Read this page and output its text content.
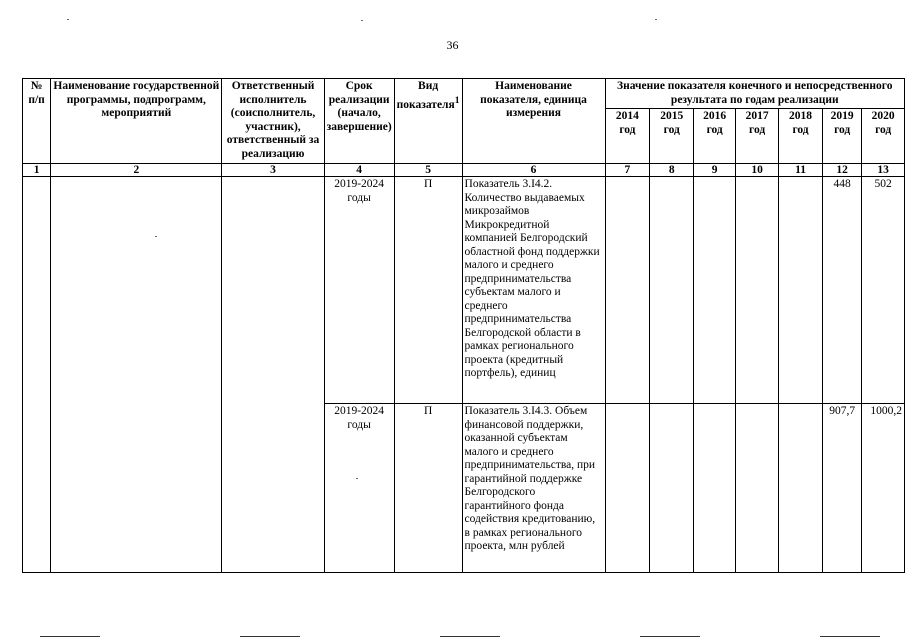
36
№ п/п	Наименование государственной программы, подпрограмм, мероприятий	Ответственный исполнитель (соисполнитель, участник), ответственный за реализацию	Срок реализации (начало, завершение)	Вид показателя$^1$	Наименование показателя, единица измерения	Значение показателя конечного и непосредственного результата по годам реализации						
						2014 год	2015 год	2016 год	2017 год	2018 год	2019 год	2020 год
1	2	3	4	5	6	7	8	9	10	11	12	13
			2019-2024 годы	П	Показатель 3.I4.2. Количество выдаваемых микрозаймов Микрокредитной компанией Белгородский областной фонд поддержки малого и среднего предпринимательства субъектам малого и среднего предпринимательства Белгородской области в рамках регионального проекта (кредитный портфель), единиц						448	502
			2019-2024 годы	П	Показатель 3.I4.3. Объем финансовой поддержки, оказанной субъектам малого и среднего предпринимательства, при гарантийной поддержке Белгородского гарантийного фонда содействия кредитованию, в рамках регионального проекта, млн рублей						907,7	1000,2
